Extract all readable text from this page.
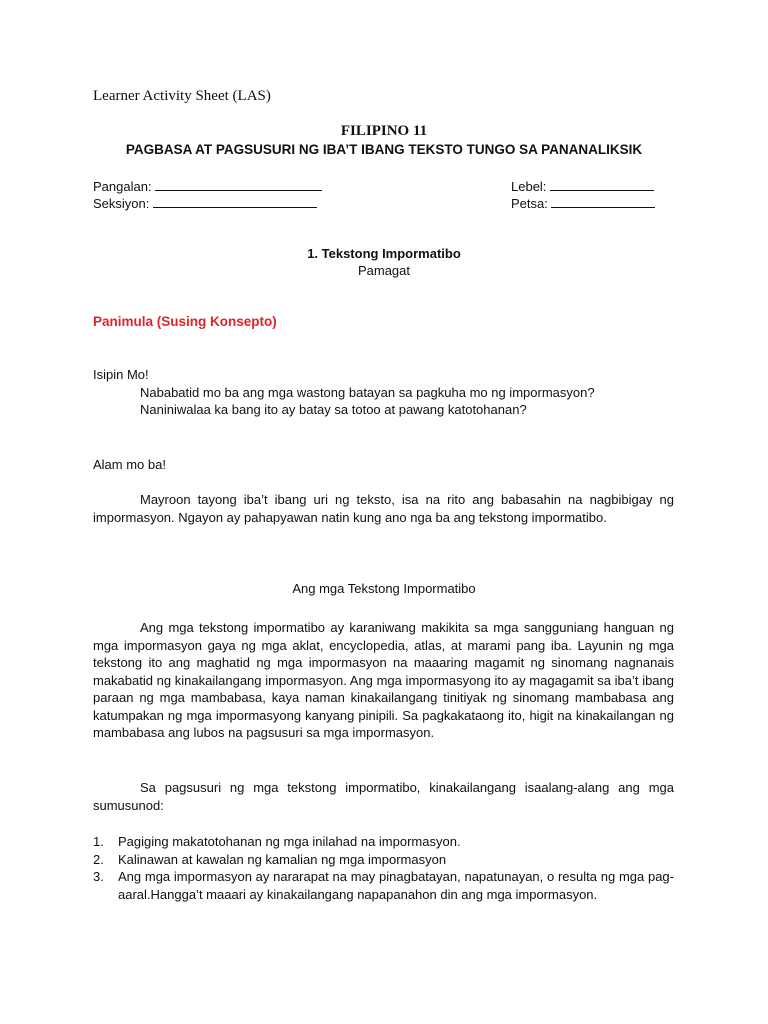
Learner Activity Sheet (LAS)

FILIPINO 11

PAGBASA AT PAGSUSURI NG IBA’T IBANG TEKSTO TUNGO SA PANANALIKSIK

Pangalan:
Seksiyon:
Lebel:
Petsa:

1. Tekstong Impormatibo

Pamagat

Panimula (Susing Konsepto)

Isipin Mo!

Nababatid mo ba ang mga wastong batayan sa pagkuha mo ng impormasyon?

Naniniwalaa ka bang ito ay batay sa totoo at pawang katotohanan?

Alam mo ba!

Mayroon tayong iba’t ibang uri ng teksto, isa na rito ang babasahin na nagbibigay ng impormasyon. Ngayon ay pahapyawan natin kung ano nga ba ang tekstong impormatibo.

Ang mga Tekstong Impormatibo

Ang mga tekstong impormatibo ay karaniwang makikita sa mga sangguniang hanguan ng mga impormasyon gaya ng mga aklat, encyclopedia, atlas, at marami pang iba. Layunin ng mga tekstong ito ang maghatid ng mga impormasyon na maaaring magamit ng sinomang nagnanais makabatid ng kinakailangang impormasyon. Ang mga impormasyong ito ay magagamit sa iba’t ibang paraan ng mga mambabasa, kaya naman kinakailangang tinitiyak ng sinomang mambabasa ang katumpakan ng mga impormasyong kanyang pinipili. Sa pagkakataong ito, higit na kinakailangan ng mambabasa ang lubos na pagsusuri sa mga impormasyon.

Sa pagsusuri ng mga tekstong impormatibo, kinakailangang isaalang-alang ang mga sumusunod:

1. Pagiging makatotohanan ng mga inilahad na impormasyon.
2. Kalinawan at kawalan ng kamalian ng mga impormasyon
3. Ang mga impormasyon ay nararapat na may pinagbatayan, napatunayan, o resulta ng mga pag-aaral.Hangga’t maaari ay kinakailangang napapanahon din ang mga impormasyon.
